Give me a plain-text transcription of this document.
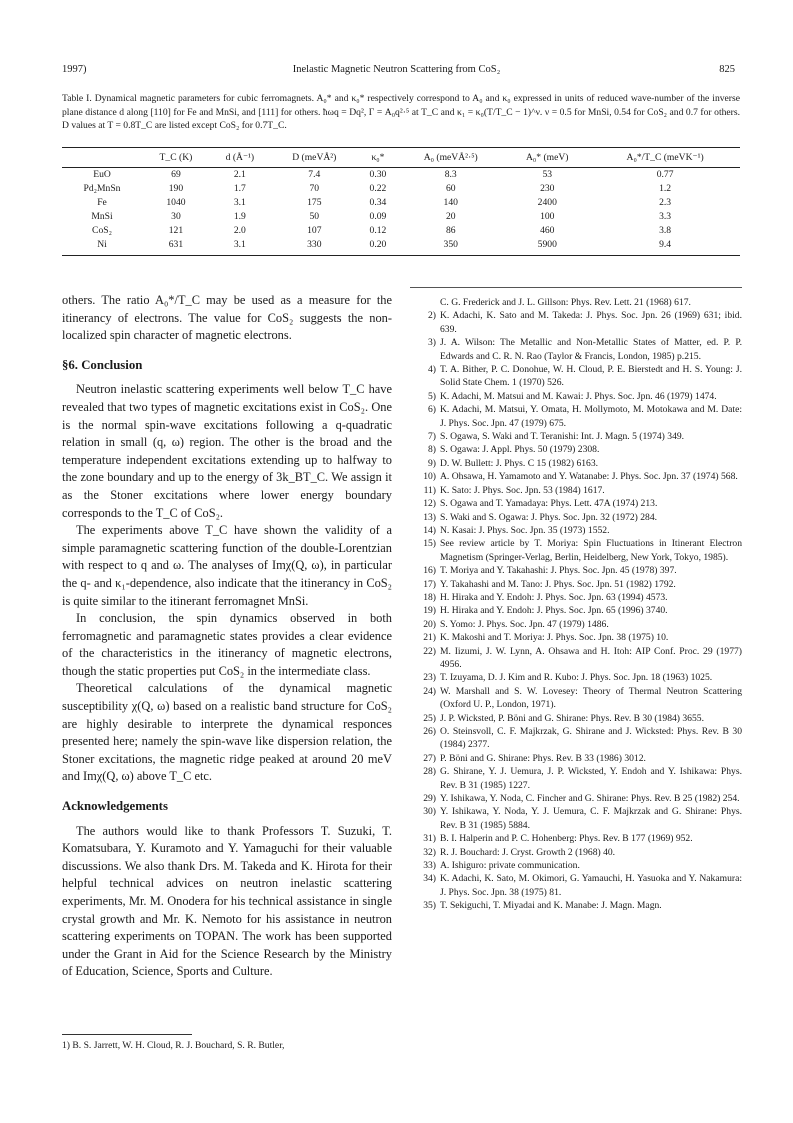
1997)	Inelastic Magnetic Neutron Scattering from CoS₂	825
Table I. Dynamical magnetic parameters for cubic ferromagnets. A₀* and κ₀* respectively correspond to A₀ and κ₀ expressed in units of reduced wave-number of the inverse plane distance d along [110] for Fe and MnSi, and [111] for others. ħωq = Dq², Γ = A₀q²·⁵ at T_C and κ₁ = κ₀(T/T_C − 1)^ν. ν = 0.5 for MnSi, 0.54 for CoS₂ and 0.7 for others. D values at T = 0.8T_C are listed except CoS₂ for 0.7T_C.
	T_C (K)	d (Å⁻¹)	D (meVÅ²)	κ₀*	A₀ (meVÅ²·⁵)	A₀* (meV)	A₀*/T_C (meVK⁻¹)
EuO	69	2.1	7.4	0.30	8.3	53	0.77
Pd₂MnSn	190	1.7	70	0.22	60	230	1.2
Fe	1040	3.1	175	0.34	140	2400	2.3
MnSi	30	1.9	50	0.09	20	100	3.3
CoS₂	121	2.0	107	0.12	86	460	3.8
Ni	631	3.1	330	0.20	350	5900	9.4

others. The ratio A₀*/T_C may be used as a measure for the itinerancy of electrons. The value for CoS₂ suggests the non-localized spin character of magnetic electrons.

§6. Conclusion

Neutron inelastic scattering experiments well below T_C have revealed that two types of magnetic excitations exist in CoS₂. One is the normal spin-wave excitations following a q-quadratic relation in small (q, ω) region. The other is the broad and the temperature independent excitations extending up to halfway to the zone boundary and up to the energy of 3k_BT_C. We assign it as the Stoner excitations where lower energy boundary corresponds to the T_C of CoS₂.

The experiments above T_C have shown the validity of a simple paramagnetic scattering function of the double-Lorentzian with respect to q and ω. The analyses of Imχ(Q, ω), in particular the q- and κ₁-dependence, also indicate that the itinerancy in CoS₂ is quite similar to the itinerant ferromagnet MnSi.

In conclusion, the spin dynamics observed in both ferromagnetic and paramagnetic states provides a clear evidence of the characteristics in the itinerancy of magnetic electrons, though the static properties put CoS₂ in the intermediate class.

Theoretical calculations of the dynamical magnetic susceptibility χ(Q, ω) based on a realistic band structure for CoS₂ are highly desirable to interprete the dynamical responces presented here; namely the spin-wave like dispersion relation, the Stoner excitations, the magnetic ridge peaked at around 20 meV and Imχ(Q, ω) above T_C etc.

Acknowledgements

The authors would like to thank Professors T. Suzuki, T. Komatsubara, Y. Kuramoto and Y. Yamaguchi for their valuable discussions. We also thank Drs. M. Takeda and K. Hirota for their helpful technical advices on neutron inelastic scattering experiments, Mr. M. Onodera for his technical assistance in single crystal growth and Mr. K. Nemoto for his assistance in neutron scattering experiments on TOPAN. The work has been supported under the Grant in Aid for the Science Research by the Ministry of Education, Science, Sports and Culture.

1) B. S. Jarrett, W. H. Cloud, R. J. Bouchard, S. R. Butler,

C. G. Frederick and J. L. Gillson: Phys. Rev. Lett. 21 (1968) 617.

2) K. Adachi, K. Sato and M. Takeda: J. Phys. Soc. Jpn. 26 (1969) 631; ibid. 639.

3) J. A. Wilson: The Metallic and Non-Metallic States of Matter, ed. P. P. Edwards and C. R. N. Rao (Taylor & Francis, London, 1985) p.215.

4) T. A. Bither, P. C. Donohue, W. H. Cloud, P. E. Bierstedt and H. S. Young: J. Solid State Chem. 1 (1970) 526.

5) K. Adachi, M. Matsui and M. Kawai: J. Phys. Soc. Jpn. 46 (1979) 1474.

6) K. Adachi, M. Matsui, Y. Omata, H. Mollymoto, M. Motokawa and M. Date: J. Phys. Soc. Jpn. 47 (1979) 675.

7) S. Ogawa, S. Waki and T. Teranishi: Int. J. Magn. 5 (1974) 349.

8) S. Ogawa: J. Appl. Phys. 50 (1979) 2308.

9) D. W. Bullett: J. Phys. C 15 (1982) 6163.

10) A. Ohsawa, H. Yamamoto and Y. Watanabe: J. Phys. Soc. Jpn. 37 (1974) 568.

11) K. Sato: J. Phys. Soc. Jpn. 53 (1984) 1617.

12) S. Ogawa and T. Yamadaya: Phys. Lett. 47A (1974) 213.

13) S. Waki and S. Ogawa: J. Phys. Soc. Jpn. 32 (1972) 284.

14) N. Kasai: J. Phys. Soc. Jpn. 35 (1973) 1552.

15) See review article by T. Moriya: Spin Fluctuations in Itinerant Electron Magnetism (Springer-Verlag, Berlin, Heidelberg, New York, Tokyo, 1985).

16) T. Moriya and Y. Takahashi: J. Phys. Soc. Jpn. 45 (1978) 397.

17) Y. Takahashi and M. Tano: J. Phys. Soc. Jpn. 51 (1982) 1792.

18) H. Hiraka and Y. Endoh: J. Phys. Soc. Jpn. 63 (1994) 4573.

19) H. Hiraka and Y. Endoh: J. Phys. Soc. Jpn. 65 (1996) 3740.

20) S. Yomo: J. Phys. Soc. Jpn. 47 (1979) 1486.

21) K. Makoshi and T. Moriya: J. Phys. Soc. Jpn. 38 (1975) 10.

22) M. Iizumi, J. W. Lynn, A. Ohsawa and H. Itoh: AIP Conf. Proc. 29 (1977) 4956.

23) T. Izuyama, D. J. Kim and R. Kubo: J. Phys. Soc. Jpn. 18 (1963) 1025.

24) W. Marshall and S. W. Lovesey: Theory of Thermal Neutron Scattering (Oxford U. P., London, 1971).

25) J. P. Wicksted, P. Böni and G. Shirane: Phys. Rev. B 30 (1984) 3655.

26) O. Steinsvoll, C. F. Majkrzak, G. Shirane and J. Wicksted: Phys. Rev. B 30 (1984) 2377.

27) P. Böni and G. Shirane: Phys. Rev. B 33 (1986) 3012.

28) G. Shirane, Y. J. Uemura, J. P. Wicksted, Y. Endoh and Y. Ishikawa: Phys. Rev. B 31 (1985) 1227.

29) Y. Ishikawa, Y. Noda, C. Fincher and G. Shirane: Phys. Rev. B 25 (1982) 254.

30) Y. Ishikawa, Y. Noda, Y. J. Uemura, C. F. Majkrzak and G. Shirane: Phys. Rev. B 31 (1985) 5884.

31) B. I. Halperin and P. C. Hohenberg: Phys. Rev. B 177 (1969) 952.

32) R. J. Bouchard: J. Cryst. Growth 2 (1968) 40.

33) A. Ishiguro: private communication.

34) K. Adachi, K. Sato, M. Okimori, G. Yamauchi, H. Yasuoka and Y. Nakamura: J. Phys. Soc. Jpn. 38 (1975) 81.

35) T. Sekiguchi, T. Miyadai and K. Manabe: J. Magn. Magn.
